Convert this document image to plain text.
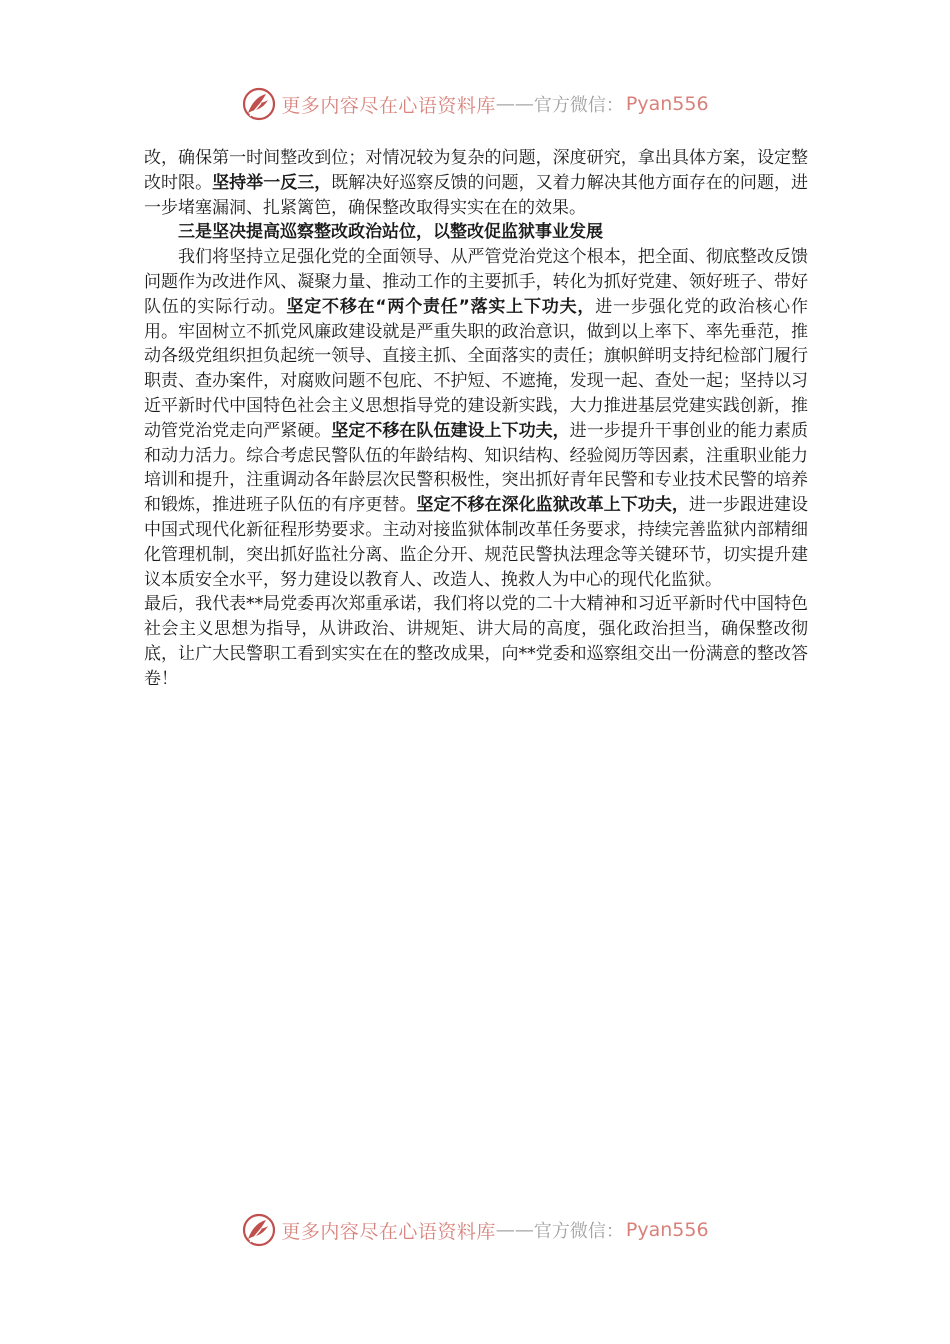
更多内容尽在心语资料库 —— 官方微信： Pyan556

改，确保第一时间整改到位；对情况较为复杂的问题，深度研究，拿出具体方案，设定整改时限。坚持举一反三，既解决好巡察反馈的问题，又着力解决其他方面存在的问题，进一步堵塞漏洞、扎紧篱笆，确保整改取得实实在在的效果。

三是坚决提高巡察整改政治站位，以整改促监狱事业发展

我们将坚持立足强化党的全面领导、从严管党治党这个根本，把全面、彻底整改反馈问题作为改进作风、凝聚力量、推动工作的主要抓手，转化为抓好党建、领好班子、带好队伍的实际行动。坚定不移在“两个责任”落实上下功夫，进一步强化党的政治核心作用。牢固树立不抓党风廉政建设就是严重失职的政治意识，做到以上率下、率先垂范，推动各级党组织担负起统一领导、直接主抓、全面落实的责任；旗帜鲜明支持纪检部门履行职责、查办案件，对腐败问题不包庇、不护短、不遮掩，发现一起、查处一起；坚持以习近平新时代中国特色社会主义思想指导党的建设新实践，大力推进基层党建实践创新，推动管党治党走向严紧硬。坚定不移在队伍建设上下功夫，进一步提升干事创业的能力素质和动力活力。综合考虑民警队伍的年龄结构、知识结构、经验阅历等因素，注重职业能力培训和提升，注重调动各年龄层次民警积极性，突出抓好青年民警和专业技术民警的培养和锻炼，推进班子队伍的有序更替。坚定不移在深化监狱改革上下功夫，进一步跟进建设中国式现代化新征程形势要求。主动对接监狱体制改革任务要求，持续完善监狱内部精细化管理机制，突出抓好监社分离、监企分开、规范民警执法理念等关键环节，切实提升建议本质安全水平，努力建设以教育人、改造人、挽救人为中心的现代化监狱。

最后，我代表**局党委再次郑重承诺，我们将以党的二十大精神和习近平新时代中国特色社会主义思想为指导，从讲政治、讲规矩、讲大局的高度，强化政治担当，确保整改彻底，让广大民警职工看到实实在在的整改成果，向**党委和巡察组交出一份满意的整改答卷！

更多内容尽在心语资料库 —— 官方微信： Pyan556
